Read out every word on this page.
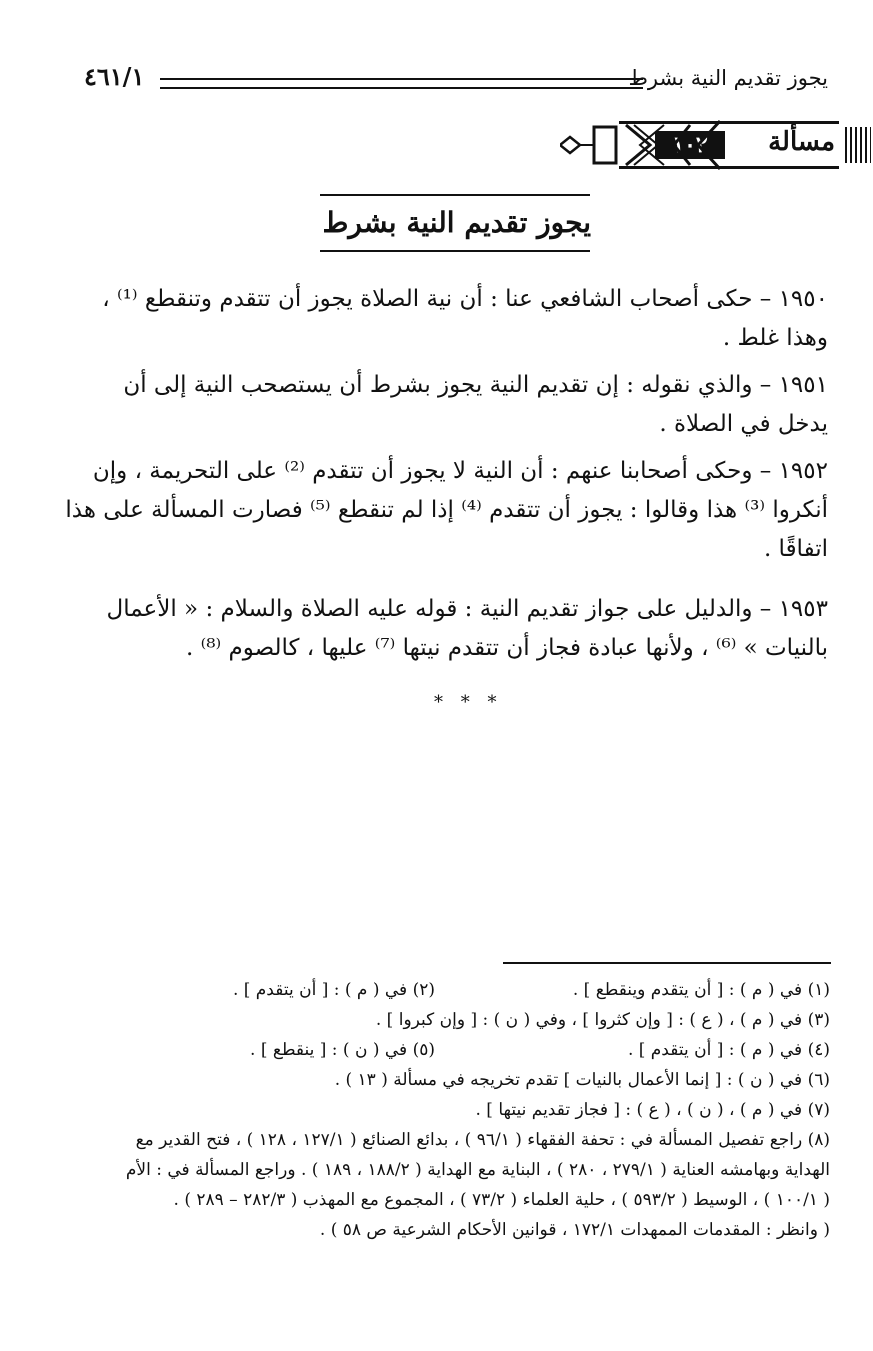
يجوز تقديم النية بشرط
٤٦١/١
مسألة
١٠٢
يجوز تقديم النية بشرط
١٩٥٠ – حكى أصحاب الشافعي عنا : أن نية الصلاة يجوز أن تتقدم وتنقطع ⁽¹⁾ ،
وهذا غلط .
١٩٥١ – والذي نقوله : إن تقديم النية يجوز بشرط أن يستصحب النية إلى أن
يدخل في الصلاة .
١٩٥٢ – وحكى أصحابنا عنهم : أن النية لا يجوز أن تتقدم ⁽²⁾ على التحريمة ، وإن
أنكروا ⁽³⁾ هذا وقالوا : يجوز أن تتقدم ⁽⁴⁾ إذا لم تنقطع ⁽⁵⁾ فصارت المسألة على هذا
اتفاقًا .
١٩٥٣ – والدليل على جواز تقديم النية : قوله عليه الصلاة والسلام : « الأعمال
بالنيات » ⁽⁶⁾ ، ولأنها عبادة فجاز أن تتقدم نيتها ⁽⁷⁾ عليها ، كالصوم ⁽⁸⁾ .
* * *
(١) في ( م ) : [ أن يتقدم وينقطع ] .
(٢) في ( م ) : [ أن يتقدم ] .
(٣) في ( م ) ، ( ع ) : [ وإن كثروا ] ، وفي ( ن ) : [ وإن كبروا ] .
(٤) في ( م ) : [ أن يتقدم ] .
(٥) في ( ن ) : [ ينقطع ] .
(٦) في ( ن ) : [ إنما الأعمال بالنيات ] تقدم تخريجه في مسألة ( ١٣ ) .
(٧) في ( م ) ، ( ن ) ، ( ع ) : [ فجاز تقديم نيتها ] .
(٨) راجع تفصيل المسألة في : تحفة الفقهاء ( ٩٦/١ ) ، بدائع الصنائع ( ١٢٧/١ ، ١٢٨ ) ، فتح القدير مع
الهداية وبهامشه العناية ( ٢٧٩/١ ، ٢٨٠ ) ، البناية مع الهداية ( ١٨٨/٢ ، ١٨٩ ) . وراجع المسألة في : الأم
( ١٠٠/١ ) ، الوسيط ( ٥٩٣/٢ ) ، حلية العلماء ( ٧٣/٢ ) ، المجموع مع المهذب ( ٢٨٢/٣ – ٢٨٩ ) .
( وانظر : المقدمات الممهدات ١٧٢/١ ، قوانين الأحكام الشرعية ص ٥٨ ) .
